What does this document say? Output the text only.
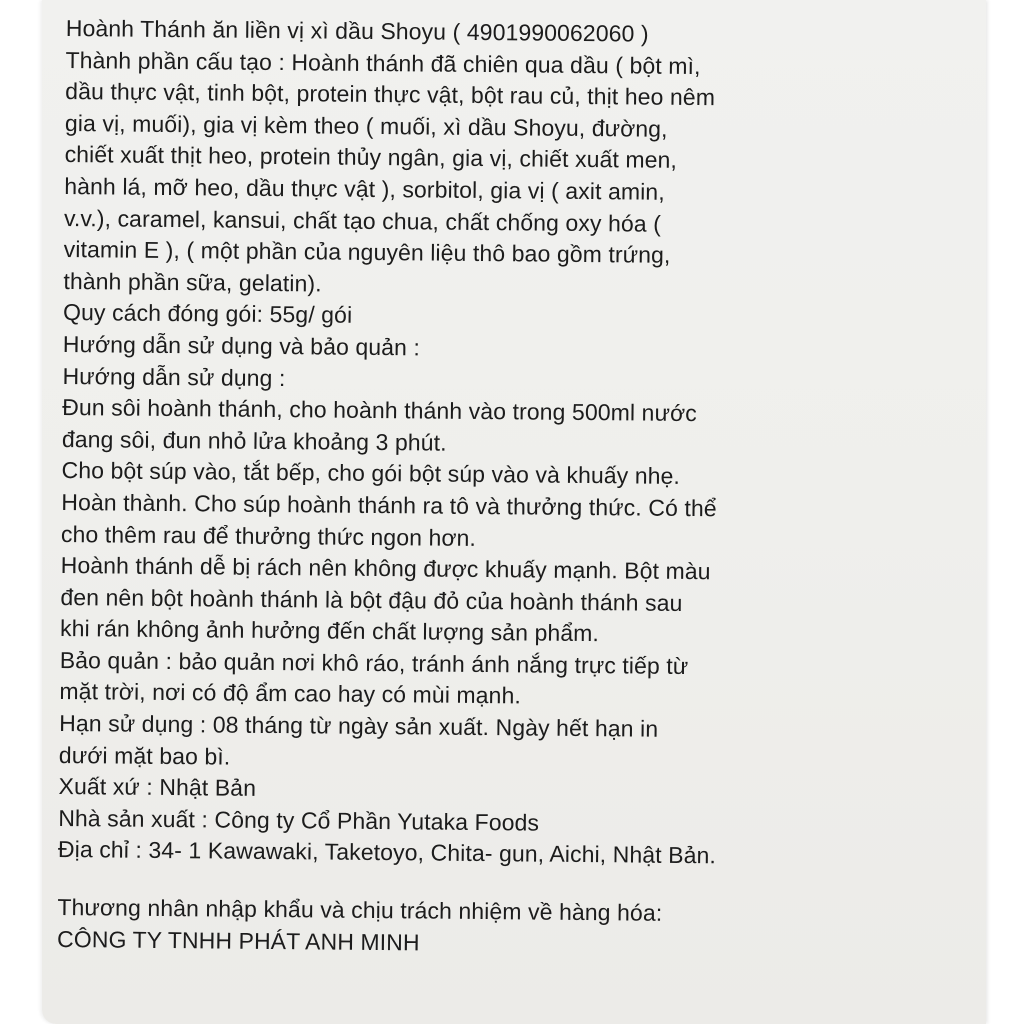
Hoành Thánh ăn liền vị xì dầu Shoyu ( 4901990062060 )
Thành phần cấu tạo : Hoành thánh đã chiên qua dầu ( bột mì,
dầu thực vật, tinh bột, protein thực vật, bột rau củ, thịt heo nêm
gia vị, muối), gia vị kèm theo ( muối, xì dầu Shoyu, đường,
chiết xuất thịt heo, protein thủy ngân, gia vị, chiết xuất men,
hành lá, mỡ heo, dầu thực vật ), sorbitol, gia vị ( axit amin,
v.v.), caramel, kansui, chất tạo chua, chất chống oxy hóa (
vitamin E ), ( một phần của nguyên liệu thô bao gồm trứng,
thành phần sữa, gelatin).
Quy cách đóng gói: 55g/ gói
Hướng dẫn sử dụng và bảo quản :
Hướng dẫn sử dụng :
Đun sôi hoành thánh, cho hoành thánh vào trong 500ml nước
đang sôi, đun nhỏ lửa khoảng 3 phút.
Cho bột súp vào, tắt bếp, cho gói bột súp vào và khuấy nhẹ.
Hoàn thành. Cho súp hoành thánh ra tô và thưởng thức. Có thể
cho thêm rau để thưởng thức ngon hơn.
Hoành thánh dễ bị rách nên không được khuấy mạnh. Bột màu
đen nên bột hoành thánh là bột đậu đỏ của hoành thánh sau
khi rán không ảnh hưởng đến chất lượng sản phẩm.
Bảo quản : bảo quản nơi khô ráo, tránh ánh nắng trực tiếp từ
mặt trời, nơi có độ ẩm cao hay có mùi mạnh.
Hạn sử dụng : 08 tháng từ ngày sản xuất. Ngày hết hạn in
dưới mặt bao bì.
Xuất xứ : Nhật Bản
Nhà sản xuất : Công ty Cổ Phần Yutaka Foods
Địa chỉ : 34- 1 Kawawaki, Taketoyo, Chita- gun, Aichi, Nhật Bản.
Thương nhân nhập khẩu và chịu trách nhiệm về hàng hóa:
CÔNG TY TNHH PHÁT ANH MINH
